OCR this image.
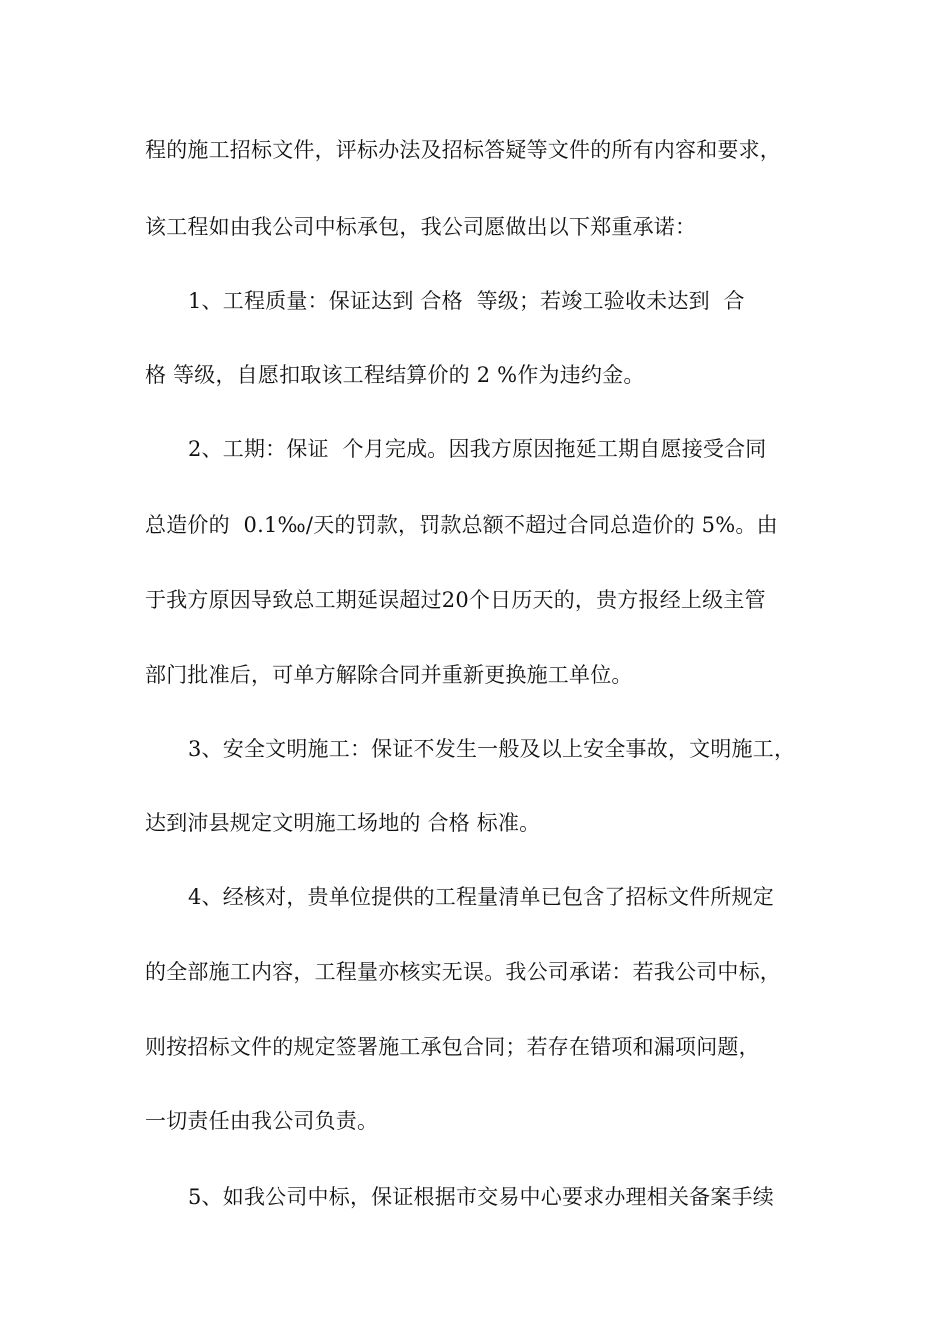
程的施工招标文件，评标办法及招标答疑等文件的所有内容和要求，
该工程如由我公司中标承包，我公司愿做出以下郑重承诺：
1、工程质量：保证达到 合格  等级；若竣工验收未达到  合
格 等级，自愿扣取该工程结算价的 2 %作为违约金。
2、工期：保证  个月完成。因我方原因拖延工期自愿接受合同
总造价的  0.1‰/天的罚款，罚款总额不超过合同总造价的 5%。由
于我方原因导致总工期延误超过20个日历天的，贵方报经上级主管
部门批准后，可单方解除合同并重新更换施工单位。
3、安全文明施工：保证不发生一般及以上安全事故，文明施工，
达到沛县规定文明施工场地的 合格 标准。
4、经核对，贵单位提供的工程量清单已包含了招标文件所规定
的全部施工内容，工程量亦核实无误。我公司承诺：若我公司中标，
则按招标文件的规定签署施工承包合同；若存在错项和漏项问题，
一切责任由我公司负责。
5、如我公司中标，保证根据市交易中心要求办理相关备案手续
